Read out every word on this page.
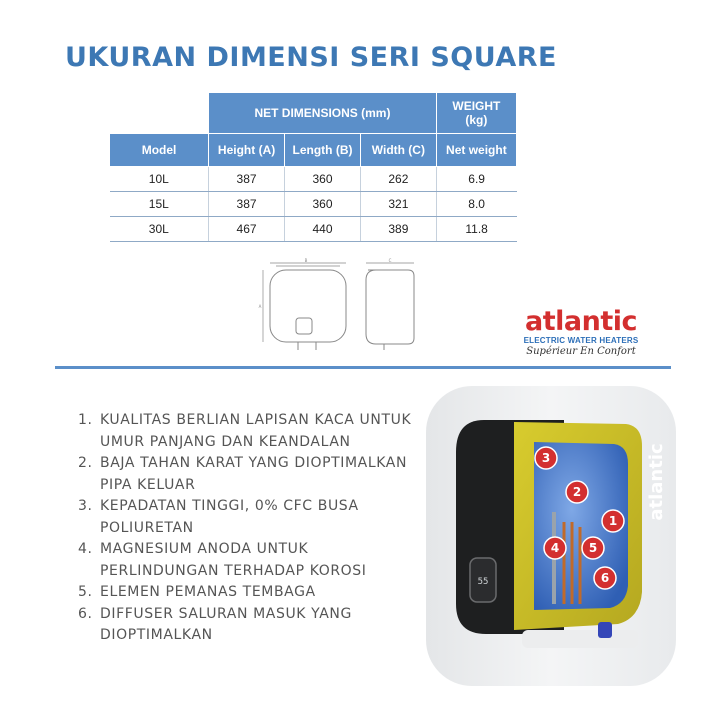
UKURAN DIMENSI SERI SQUARE
	NET DIMENSIONS (mm)			WEIGHT (kg)
Model	Height (A)	Length (B)	Width (C)	Net weight
10L	387	360	262	6.9
15L	387	360	321	8.0
30L	467	440	389	11.8
B
A
C
atlantic
ELECTRIC WATER HEATERS
Supérieur En Confort
1. KUALITAS BERLIAN LAPISAN KACA UNTUK UMUR PANJANG DAN KEANDALAN
2. BAJA TAHAN KARAT YANG DIOPTIMALKAN PIPA KELUAR
3. KEPADATAN TINGGI, 0% CFC BUSA POLIURETAN
4. MAGNESIUM ANODA UNTUK PERLINDUNGAN TERHADAP KOROSI
5. ELEMEN PEMANAS TEMBAGA
6. DIFFUSER SALURAN MASUK YANG DIOPTIMALKAN
55
atlantic
3
2
1
4 5
6
